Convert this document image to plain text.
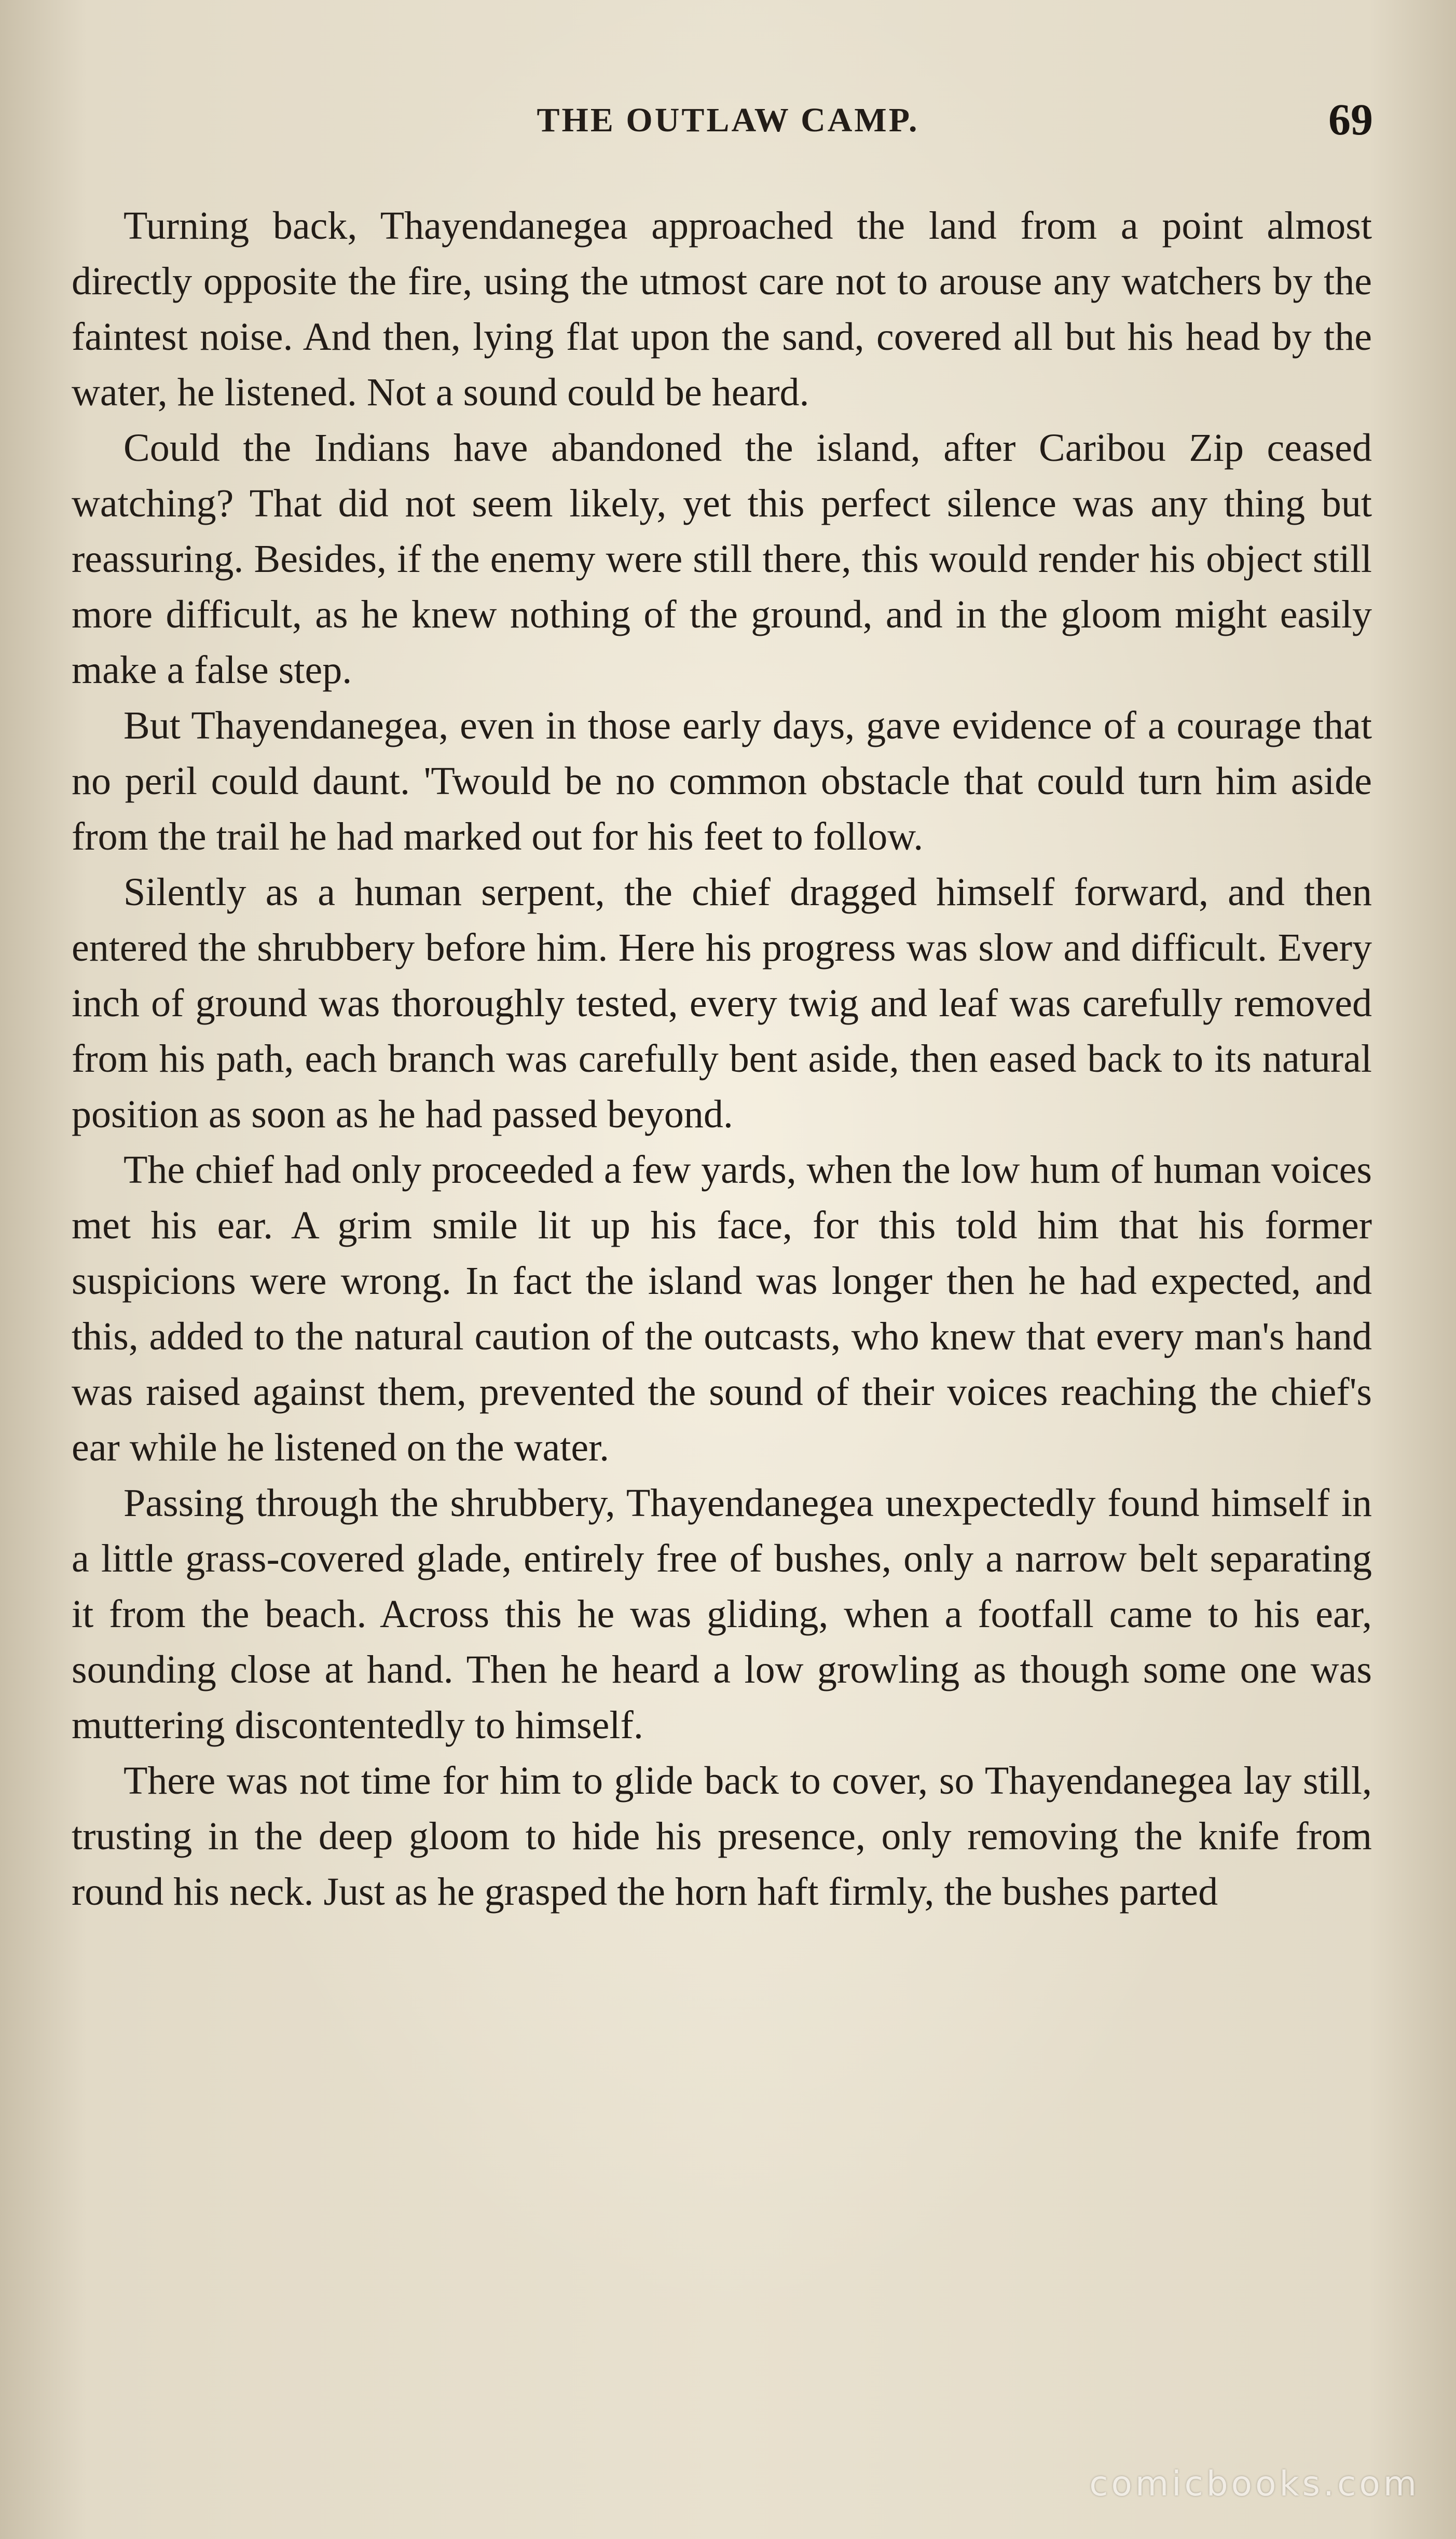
THE OUTLAW CAMP.	69

Turning back, Thayendanegea approached the land from a point almost directly opposite the fire, using the utmost care not to arouse any watchers by the faintest noise. And then, lying flat upon the sand, covered all but his head by the water, he listened. Not a sound could be heard.

Could the Indians have abandoned the island, after Caribou Zip ceased watching? That did not seem likely, yet this perfect silence was any thing but reassuring. Besides, if the enemy were still there, this would render his object still more difficult, as he knew nothing of the ground, and in the gloom might easily make a false step.

But Thayendanegea, even in those early days, gave evidence of a courage that no peril could daunt. 'Twould be no common obstacle that could turn him aside from the trail he had marked out for his feet to follow.

Silently as a human serpent, the chief dragged himself forward, and then entered the shrubbery before him. Here his progress was slow and difficult. Every inch of ground was thoroughly tested, every twig and leaf was carefully removed from his path, each branch was carefully bent aside, then eased back to its natural position as soon as he had passed beyond.

The chief had only proceeded a few yards, when the low hum of human voices met his ear. A grim smile lit up his face, for this told him that his former suspicions were wrong. In fact the island was longer then he had expected, and this, added to the natural caution of the outcasts, who knew that every man's hand was raised against them, prevented the sound of their voices reaching the chief's ear while he listened on the water.

Passing through the shrubbery, Thayendanegea unexpectedly found himself in a little grass-covered glade, entirely free of bushes, only a narrow belt separating it from the beach. Across this he was gliding, when a footfall came to his ear, sounding close at hand. Then he heard a low growling as though some one was muttering discontentedly to himself.

There was not time for him to glide back to cover, so Thayendanegea lay still, trusting in the deep gloom to hide his presence, only removing the knife from round his neck. Just as he grasped the horn haft firmly, the bushes parted

comicbooks.com
